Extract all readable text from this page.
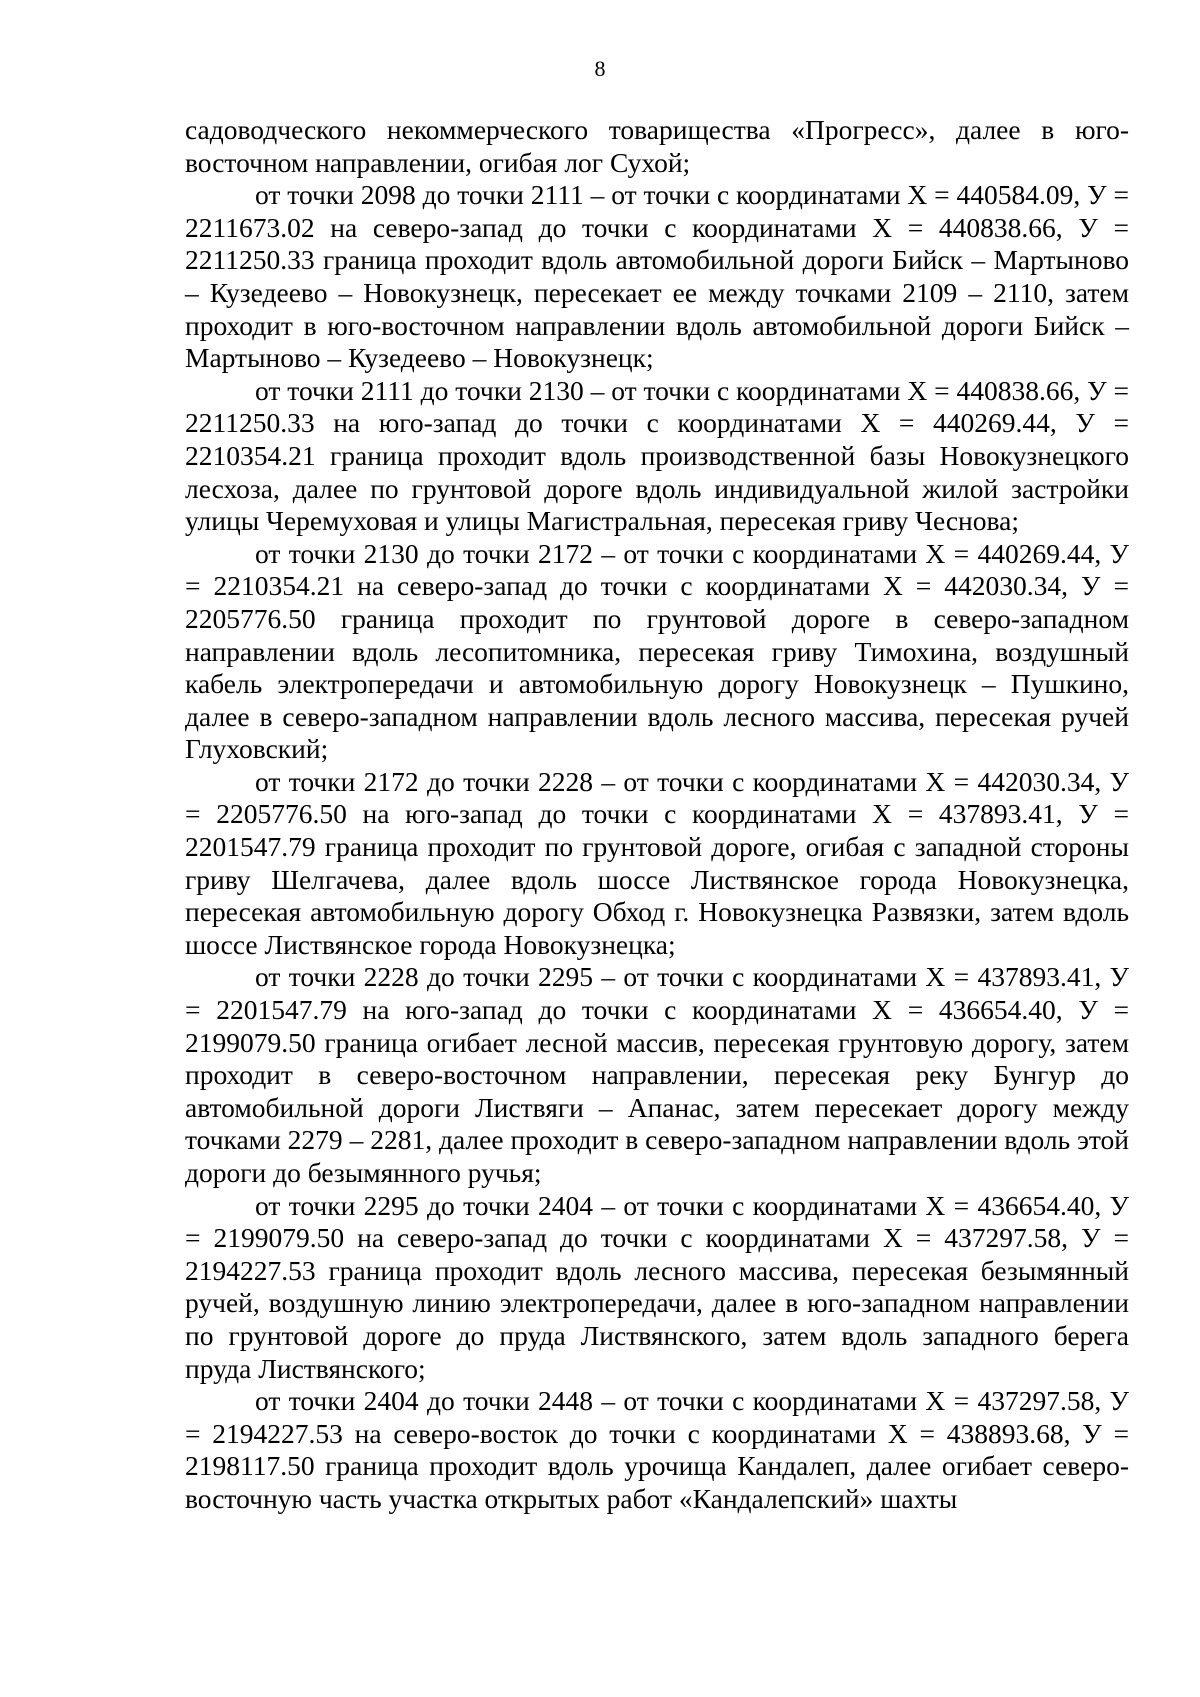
8

садоводческого некоммерческого товарищества «Прогресс», далее в юго-восточном направлении, огибая лог Сухой;

от точки 2098 до точки 2111 – от точки с координатами Х = 440584.09, У = 2211673.02 на северо-запад до точки с координатами Х = 440838.66, У = 2211250.33 граница проходит вдоль автомобильной дороги Бийск – Мартыново – Кузедеево – Новокузнецк, пересекает ее между точками 2109 – 2110, затем проходит в юго-восточном направлении вдоль автомобильной дороги Бийск – Мартыново – Кузедеево – Новокузнецк;

от точки 2111 до точки 2130 – от точки с координатами Х = 440838.66, У = 2211250.33 на юго-запад до точки с координатами Х = 440269.44, У = 2210354.21 граница проходит вдоль производственной базы Новокузнецкого лесхоза, далее по грунтовой дороге вдоль индивидуальной жилой застройки улицы Черемуховая и улицы Магистральная, пересекая гриву Чеснова;

от точки 2130 до точки 2172 – от точки с координатами Х = 440269.44, У = 2210354.21 на северо-запад до точки с координатами Х = 442030.34, У = 2205776.50 граница проходит по грунтовой дороге в северо-западном направлении вдоль лесопитомника, пересекая гриву Тимохина, воздушный кабель электропередачи и автомобильную дорогу Новокузнецк – Пушкино, далее в северо-западном направлении вдоль лесного массива, пересекая ручей Глуховский;

от точки 2172 до точки 2228 – от точки с координатами Х = 442030.34, У = 2205776.50 на юго-запад до точки с координатами Х = 437893.41, У = 2201547.79 граница проходит по грунтовой дороге, огибая с западной стороны гриву Шелгачева, далее вдоль шоссе Листвянское города Новокузнецка, пересекая автомобильную дорогу Обход г. Новокузнецка Развязки, затем вдоль шоссе Листвянское города Новокузнецка;

от точки 2228 до точки 2295 – от точки с координатами Х = 437893.41, У = 2201547.79 на юго-запад до точки с координатами Х = 436654.40, У = 2199079.50 граница огибает лесной массив, пересекая грунтовую дорогу, затем проходит в северо-восточном направлении, пересекая реку Бунгур до автомобильной дороги Листвяги – Апанас, затем пересекает дорогу между точками 2279 – 2281, далее проходит в северо-западном направлении вдоль этой дороги до безымянного ручья;

от точки 2295 до точки 2404 – от точки с координатами Х = 436654.40, У = 2199079.50 на северо-запад до точки с координатами Х = 437297.58, У = 2194227.53 граница проходит вдоль лесного массива, пересекая безымянный ручей, воздушную линию электропередачи, далее в юго-западном направлении по грунтовой дороге до пруда Листвянского, затем вдоль западного берега пруда Листвянского;

от точки 2404 до точки 2448 – от точки с координатами Х = 437297.58, У = 2194227.53 на северо-восток до точки с координатами Х = 438893.68, У = 2198117.50 граница проходит вдоль урочища Кандалеп, далее огибает северо-восточную часть участка открытых работ «Кандалепский» шахты
